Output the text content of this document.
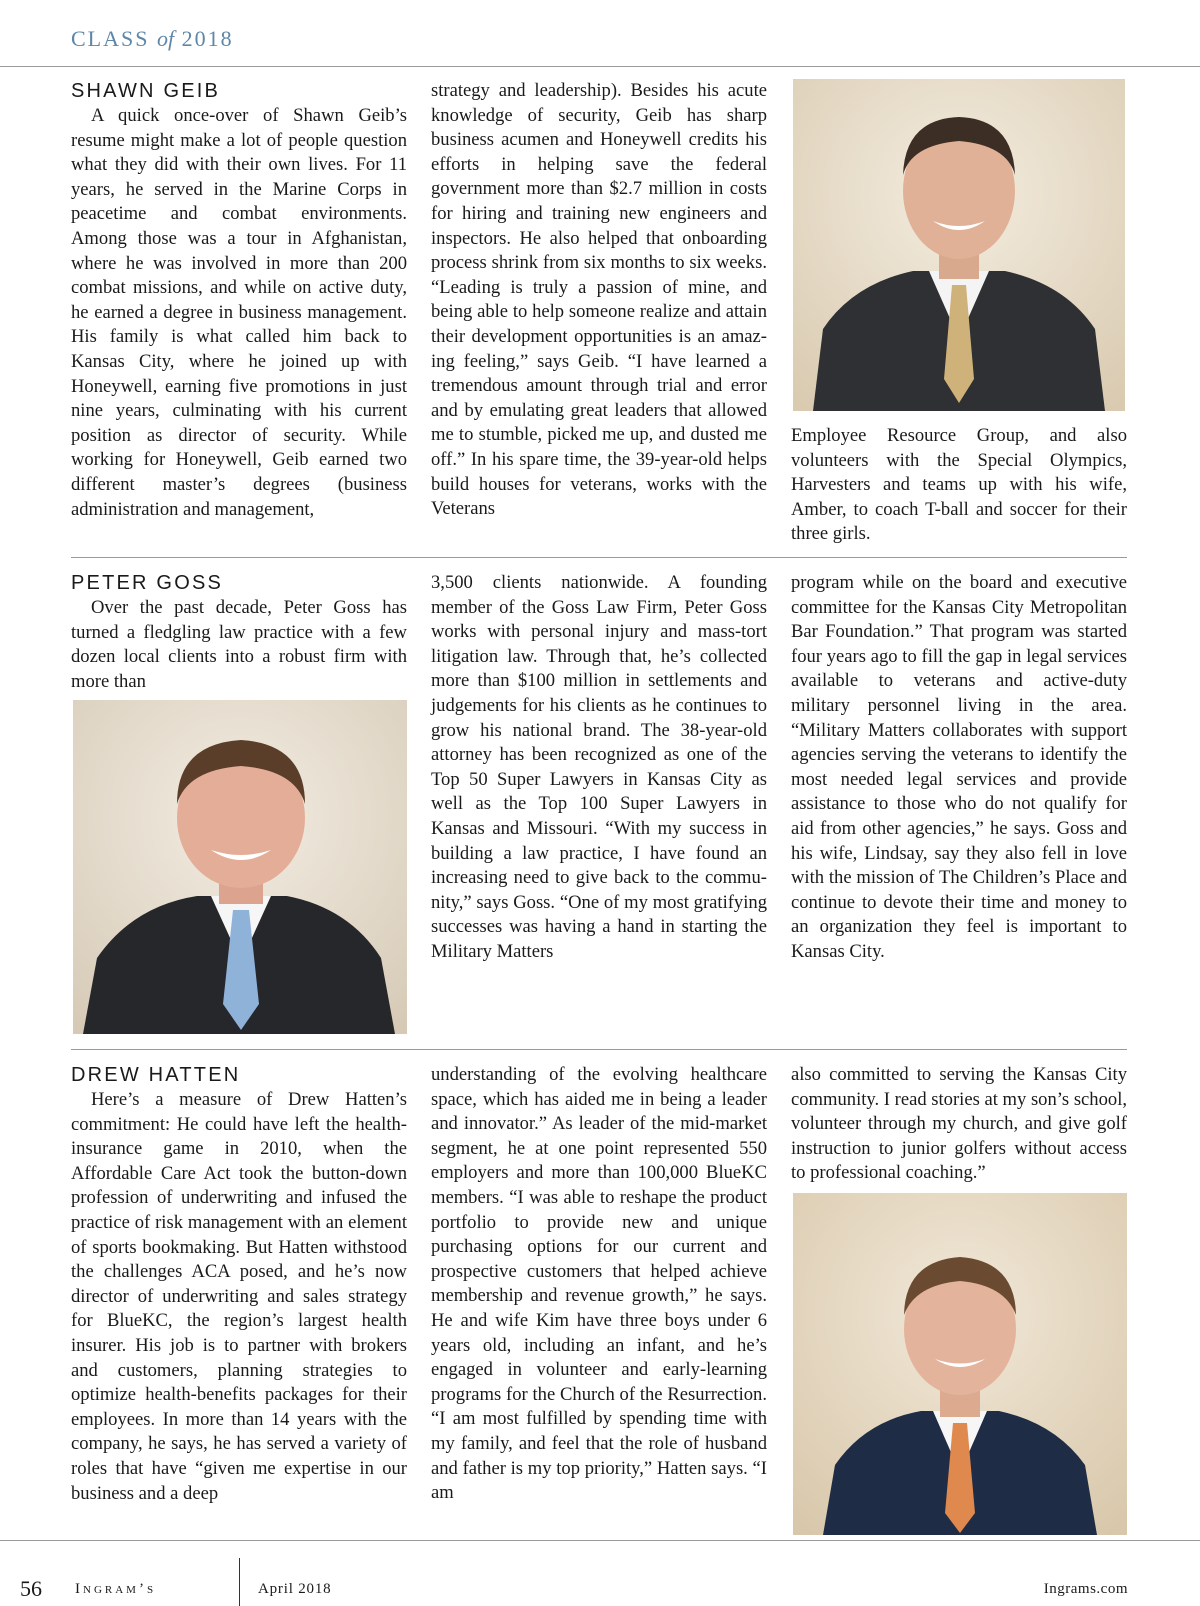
CLASS of 2018
SHAWN GEIB
A quick once-over of Shawn Geib’s resume might make a lot of people question what they did with their own lives. For 11 years, he served in the Marine Corps in peacetime and combat environments. Among those was a tour in Afghanistan, where he was involved in more than 200 combat missions, and while on active duty, he earned a degree in business management. His family is what called him back to Kansas City, where he joined up with Honeywell, earning five promotions in just nine years, culminating with his current position as director of security. While working for Honeywell, Geib earned two different master’s degrees (business administration and management,
strategy and leadership). Besides his acute knowledge of security, Geib has sharp business acumen and Honeywell credits his efforts in helping save the federal government more than $2.7 million in costs for hiring and training new engineers and inspectors. He also helped that onboarding process shrink from six months to six weeks. “Leading is truly a passion of mine, and being able to help someone realize and attain their development opportunities is an amazing feeling,” says Geib. “I have learned a tremendous amount through trial and error and by emulating great leaders that allowed me to stumble, picked me up, and dusted me off.” In his spare time, the 39-year-old helps build houses for veterans, works with the Veterans
Employee Resource Group, and also volunteers with the Special Olympics, Harvesters and teams up with his wife, Amber, to coach T-ball and soccer for their three girls.
PETER GOSS
Over the past decade, Peter Goss has turned a fledgling law practice with a few dozen local clients into a robust firm with more than
3,500 clients nationwide. A founding member of the Goss Law Firm, Peter Goss works with personal injury and mass-tort litigation law. Through that, he’s collected more than $100 million in settlements and judgements for his clients as he continues to grow his national brand. The 38-year-old attorney has been recognized as one of the Top 50 Super Lawyers in Kansas City as well as the Top 100 Super Lawyers in Kansas and Missouri. “With my success in building a law practice, I have found an increasing need to give back to the community,” says Goss. “One of my most gratifying successes was having a hand in starting the Military Matters
program while on the board and executive committee for the Kansas City Metropolitan Bar Foundation.” That program was started four years ago to fill the gap in legal services available to veterans and active-duty military personnel living in the area. “Military Matters collaborates with support agencies serving the veterans to identify the most needed legal services and provide assistance to those who do not qualify for aid from other agencies,” he says. Goss and his wife, Lindsay, say they also fell in love with the mission of The Children’s Place and continue to devote their time and money to an organization they feel is important to Kansas City.
DREW HATTEN
Here’s a measure of Drew Hatten’s commitment: He could have left the health-insurance game in 2010, when the Affordable Care Act took the button-down profession of underwriting and infused the practice of risk management with an element of sports bookmaking. But Hatten withstood the challenges ACA posed, and he’s now director of underwriting and sales strategy for BlueKC, the region’s largest health insurer. His job is to partner with brokers and customers, planning strategies to optimize health-benefits packages for their employees. In more than 14 years with the company, he says, he has served a variety of roles that have “given me expertise in our business and a deep
understanding of the evolving healthcare space, which has aided me in being a leader and innovator.” As leader of the mid-market segment, he at one point represented 550 employers and more than 100,000 BlueKC members. “I was able to reshape the product portfolio to provide new and unique purchasing options for our current and prospective customers that helped achieve membership and revenue growth,” he says. He and wife Kim have three boys under 6 years old, including an infant, and he’s engaged in volunteer and early-learning programs for the Church of the Resurrection. “I am most fulfilled by spending time with my family, and feel that the role of husband and father is my top priority,” Hatten says. “I am
also committed to serving the Kansas City community. I read stories at my son’s school, volunteer through my church, and give golf instruction to junior golfers without access to professional coaching.”
56 Ingram’s	April 2018	Ingrams.com
